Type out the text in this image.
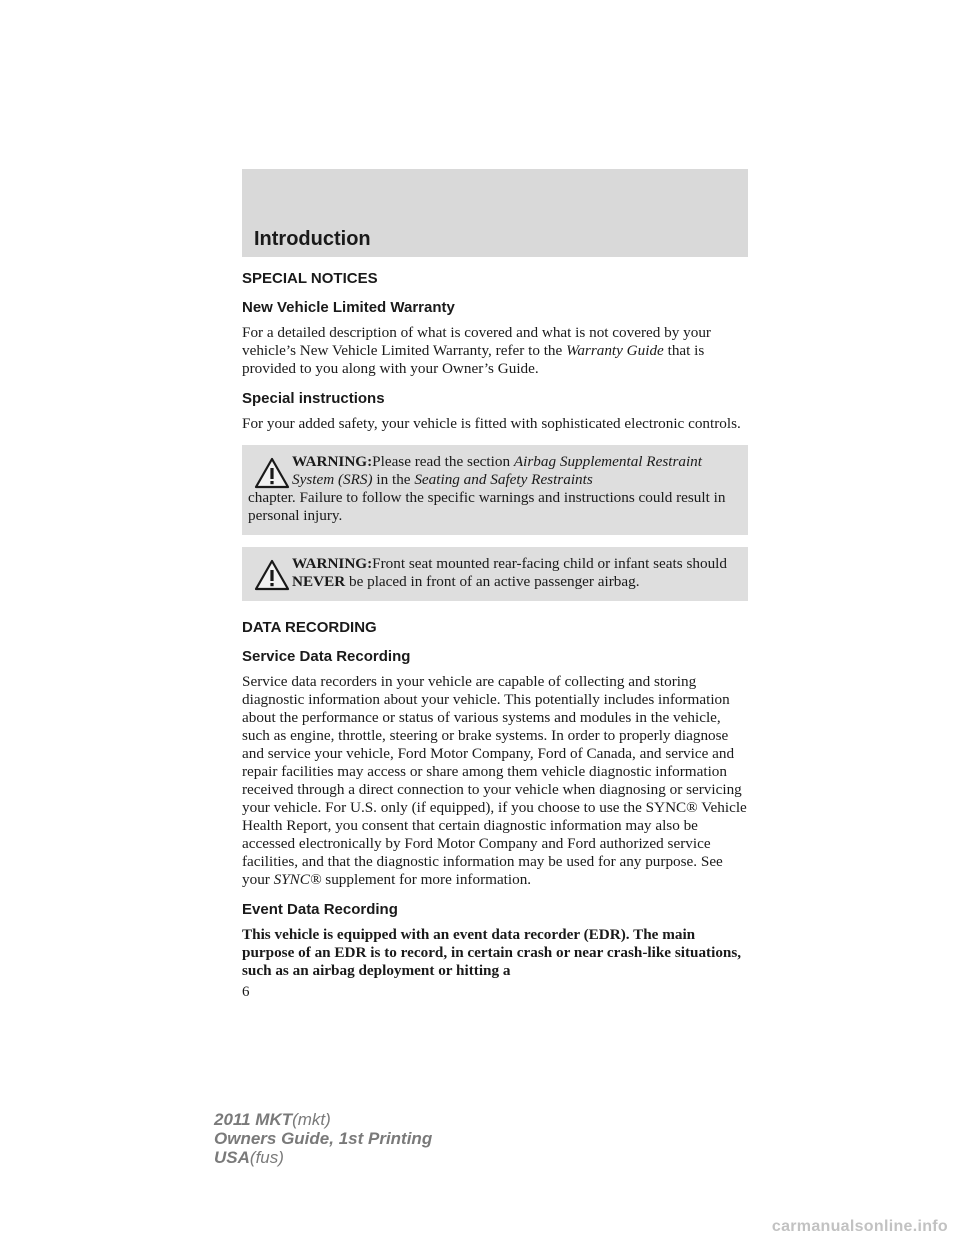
Introduction
SPECIAL NOTICES
New Vehicle Limited Warranty

For a detailed description of what is covered and what is not covered by your vehicle’s New Vehicle Limited Warranty, refer to the Warranty Guide that is provided to you along with your Owner’s Guide.

Special instructions

For your added safety, your vehicle is fitted with sophisticated electronic controls.

WARNING:Please read the section Airbag Supplemental Restraint System (SRS) in the Seating and Safety Restraints
chapter. Failure to follow the specific warnings and instructions could result in personal injury.
WARNING:Front seat mounted rear-facing child or infant seats should NEVER be placed in front of an active passenger airbag.
DATA RECORDING
Service Data Recording

Service data recorders in your vehicle are capable of collecting and storing diagnostic information about your vehicle. This potentially includes information about the performance or status of various systems and modules in the vehicle, such as engine, throttle, steering or brake systems. In order to properly diagnose and service your vehicle, Ford Motor Company, Ford of Canada, and service and repair facilities may access or share among them vehicle diagnostic information received through a direct connection to your vehicle when diagnosing or servicing your vehicle. For U.S. only (if equipped), if you choose to use the SYNC® Vehicle Health Report, you consent that certain diagnostic information may also be accessed electronically by Ford Motor Company and Ford authorized service facilities, and that the diagnostic information may be used for any purpose. See your SYNC® supplement for more information.

Event Data Recording

This vehicle is equipped with an event data recorder (EDR). The main purpose of an EDR is to record, in certain crash or near crash-like situations, such as an airbag deployment or hitting a

6
2011 MKT(mkt)
Owners Guide, 1st Printing
USA(fus)
carmanualsonline.info
